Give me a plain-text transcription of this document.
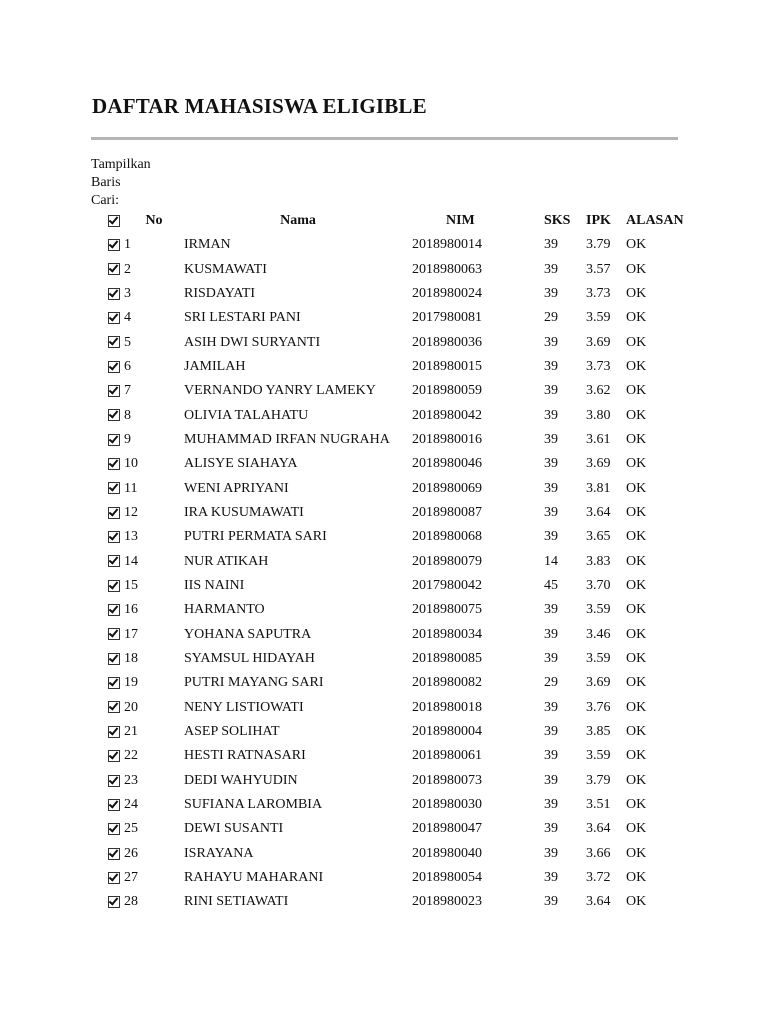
DAFTAR MAHASISWA ELIGIBLE
Tampilkan
Baris
Cari:
	No	Nama	NIM	SKS	IPK	ALASAN
	1	IRMAN	2018980014	39	3.79	OK
	2	KUSMAWATI	2018980063	39	3.57	OK
	3	RISDAYATI	2018980024	39	3.73	OK
	4	SRI LESTARI PANI	2017980081	29	3.59	OK
	5	ASIH DWI SURYANTI	2018980036	39	3.69	OK
	6	JAMILAH	2018980015	39	3.73	OK
	7	VERNANDO YANRY LAMEKY	2018980059	39	3.62	OK
	8	OLIVIA TALAHATU	2018980042	39	3.80	OK
	9	MUHAMMAD IRFAN NUGRAHA	2018980016	39	3.61	OK
	10	ALISYE SIAHAYA	2018980046	39	3.69	OK
	11	WENI APRIYANI	2018980069	39	3.81	OK
	12	IRA KUSUMAWATI	2018980087	39	3.64	OK
	13	PUTRI PERMATA SARI	2018980068	39	3.65	OK
	14	NUR ATIKAH	2018980079	14	3.83	OK
	15	IIS NAINI	2017980042	45	3.70	OK
	16	HARMANTO	2018980075	39	3.59	OK
	17	YOHANA SAPUTRA	2018980034	39	3.46	OK
	18	SYAMSUL HIDAYAH	2018980085	39	3.59	OK
	19	PUTRI MAYANG SARI	2018980082	29	3.69	OK
	20	NENY LISTIOWATI	2018980018	39	3.76	OK
	21	ASEP SOLIHAT	2018980004	39	3.85	OK
	22	HESTI RATNASARI	2018980061	39	3.59	OK
	23	DEDI WAHYUDIN	2018980073	39	3.79	OK
	24	SUFIANA LAROMBIA	2018980030	39	3.51	OK
	25	DEWI SUSANTI	2018980047	39	3.64	OK
	26	ISRAYANA	2018980040	39	3.66	OK
	27	RAHAYU MAHARANI	2018980054	39	3.72	OK
	28	RINI SETIAWATI	2018980023	39	3.64	OK
